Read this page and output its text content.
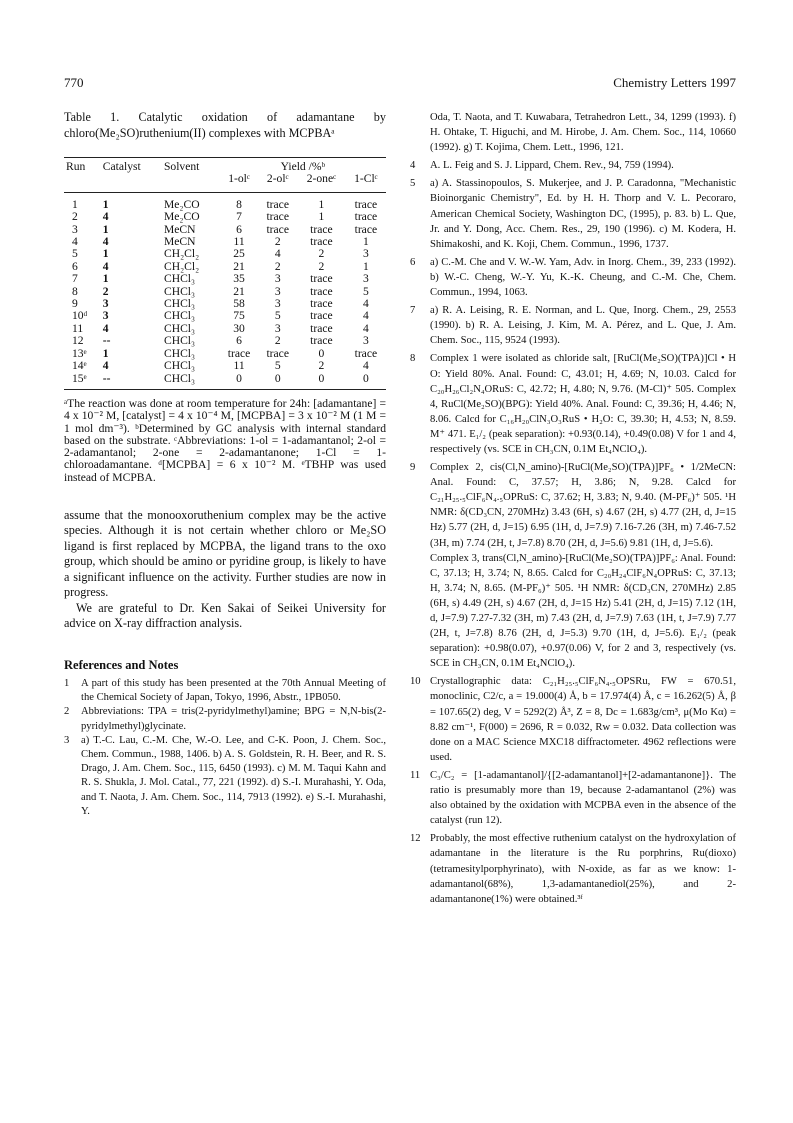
770	Chemistry Letters 1997
Table 1. Catalytic oxidation of adamantane by chloro(Me₂SO)ruthenium(II) complexes with MCPBAᵃ
Run	Catalyst	Solvent	Yield /%ᵇ			
			1-olᶜ	2-olᶜ	2-oneᶜ	1-Clᶜ
1	1	Me₂CO	8	trace	1	trace
2	4	Me₂CO	7	trace	1	trace
3	1	MeCN	6	trace	trace	trace
4	4	MeCN	11	2	trace	1
5	1	CH₂Cl₂	25	4	2	3
6	4	CH₂Cl₂	21	2	2	1
7	1	CHCl₃	35	3	trace	3
8	2	CHCl₃	21	3	trace	5
9	3	CHCl₃	58	3	trace	4
10ᵈ	3	CHCl₃	75	5	trace	4
11	4	CHCl₃	30	3	trace	4
12	--	CHCl₃	6	2	trace	3
13ᵉ	1	CHCl₃	trace	trace	0	trace
14ᵉ	4	CHCl₃	11	5	2	4
15ᵉ	--	CHCl₃	0	0	0	0
ᵃThe reaction was done at room temperature for 24h: [adamantane] = 4 x 10⁻² M, [catalyst] = 4 x 10⁻⁴ M, [MCPBA] = 3 x 10⁻² M (1 M = 1 mol dm⁻³). ᵇDetermined by GC analysis with internal standard based on the substrate. ᶜAbbreviations: 1-ol = 1-adamantanol; 2-ol = 2-adamantanol; 2-one = 2-adamantanone; 1-Cl = 1-chloroadamantane. ᵈ[MCPBA] = 6 x 10⁻² M. ᵉTBHP was used instead of MCPBA.

assume that the monooxoruthenium complex may be the active species. Although it is not certain whether chloro or Me₂SO ligand is first replaced by MCPBA, the ligand trans to the oxo group, which should be amino or pyridine group, is likely to have a significant influence on the activity. Further studies are now in progress.

We are grateful to Dr. Ken Sakai of Seikei University for advice on X-ray diffraction analysis.

References and Notes
1 A part of this study has been presented at the 70th Annual Meeting of the Chemical Society of Japan, Tokyo, 1996, Abstr., 1PB050.
2 Abbreviations: TPA = tris(2-pyridylmethyl)amine; BPG = N,N-bis(2-pyridylmethyl)glycinate.
3 a) T.-C. Lau, C.-M. Che, W.-O. Lee, and C-K. Poon, J. Chem. Soc., Chem. Commun., 1988, 1406. b) A. S. Goldstein, R. H. Beer, and R. S. Drago, J. Am. Chem. Soc., 115, 6450 (1993). c) M. M. Taqui Kahn and R. S. Shukla, J. Mol. Catal., 77, 221 (1992). d) S.-I. Murahashi, Y. Oda, and T. Naota, J. Am. Chem. Soc., 114, 7913 (1992). e) S.-I. Murahashi, Y.
Oda, T. Naota, and T. Kuwabara, Tetrahedron Lett., 34, 1299 (1993). f) H. Ohtake, T. Higuchi, and M. Hirobe, J. Am. Chem. Soc., 114, 10660 (1992). g) T. Kojima, Chem. Lett., 1996, 121.
4 A. L. Feig and S. J. Lippard, Chem. Rev., 94, 759 (1994).
5 a) A. Stassinopoulos, S. Mukerjee, and J. P. Caradonna, "Mechanistic Bioinorganic Chemistry", Ed. by H. H. Thorp and V. L. Pecoraro, American Chemical Society, Washington DC, (1995), p. 83. b) L. Que, Jr. and Y. Dong, Acc. Chem. Res., 29, 190 (1996). c) M. Kodera, H. Shimakoshi, and K. Koji, Chem. Commun., 1996, 1737.
6 a) C.-M. Che and V. W.-W. Yam, Adv. in Inorg. Chem., 39, 233 (1992). b) W.-C. Cheng, W.-Y. Yu, K.-K. Cheung, and C.-M. Che, Chem. Commun., 1994, 1063.
7 a) R. A. Leising, R. E. Norman, and L. Que, Inorg. Chem., 29, 2553 (1990). b) R. A. Leising, J. Kim, M. A. Pérez, and L. Que, J. Am. Chem. Soc., 115, 9524 (1993).
8 Complex 1 were isolated as chloride salt, [RuCl(Me₂SO)(TPA)]Cl • H O: Yield 80%. Anal. Found: C, 43.01; H, 4.69; N, 10.03. Calcd for C₂₀H₂₆Cl₂N₄ORuS: C, 42.72; H, 4.80; N, 9.76. (M-Cl)⁺ 505. Complex 4, RuCl(Me₂SO)(BPG): Yield 40%. Anal. Found: C, 39.36; H, 4.46; N, 8.06. Calcd for C₁₆H₂₀ClN₃O₃RuS • H₂O: C, 39.30; H, 4.53; N, 8.59. M⁺ 471. E₁/₂ (peak separation): +0.93(0.14), +0.49(0.08) V for 1 and 4, respectively (vs. SCE in CH₃CN, 0.1M Et₄NClO₄).
9 Complex 2, cis(Cl,N_amino)-[RuCl(Me₂SO)(TPA)]PF₆ • 1/2MeCN: Anal. Found: C, 37.57; H, 3.86; N, 9.28. Calcd for C₂₁H₂₅.₅ClF₆N₄.₅OPRuS: C, 37.62; H, 3.83; N, 9.40. (M-PF₆)⁺ 505. ¹H NMR: δ(CD₃CN, 270MHz) 3.43 (6H, s) 4.67 (2H, s) 4.77 (2H, d, J=15 Hz) 5.77 (2H, d, J=15) 6.95 (1H, d, J=7.9) 7.16-7.26 (3H, m) 7.46-7.52 (3H, m) 7.74 (2H, t, J=7.8) 8.70 (2H, d, J=5.6) 9.81 (1H, d, J=5.6).
Complex 3, trans(Cl,N_amino)-[RuCl(Me₂SO)(TPA)]PF₆: Anal. Found: C, 37.13; H, 3.74; N, 8.65. Calcd for C₂₀H₂₄ClF₆N₄OPRuS: C, 37.13; H, 3.74; N, 8.65. (M-PF₆)⁺ 505. ¹H NMR: δ(CD₃CN, 270MHz) 2.85 (6H, s) 4.49 (2H, s) 4.67 (2H, d, J=15 Hz) 5.41 (2H, d, J=15) 7.12 (1H, d, J=7.9) 7.27-7.32 (3H, m) 7.43 (2H, d, J=7.9) 7.63 (1H, t, J=7.9) 7.77 (2H, t, J=7.8) 8.76 (2H, d, J=5.3) 9.70 (1H, d, J=5.6). E₁/₂ (peak separation): +0.98(0.07), +0.97(0.06) V, for 2 and 3, respectively (vs. SCE in CH₃CN, 0.1M Et₄NClO₄).
10 Crystallographic data: C₂₁H₂₅.₅ClF₆N₄.₅OPSRu, FW = 670.51, monoclinic, C2/c, a = 19.000(4) Å, b = 17.974(4) Å, c = 16.262(5) Å, β = 107.65(2) deg, V = 5292(2) Å³, Z = 8, Dc = 1.683g/cm³, μ(Mo Kα) = 8.82 cm⁻¹, F(000) = 2696, R = 0.032, Rw = 0.032. Data collection was done on a MAC Science MXC18 diffractometer. 4962 reflections were used.
11 C₃/C₂ = [1-adamantanol]/{[2-adamantanol]+[2-adamantanone]}. The ratio is presumably more than 19, because 2-adamantanol (2%) was also obtained by the oxidation with MCPBA even in the absence of the catalyst (run 12).
12 Probably, the most effective ruthenium catalyst on the hydroxylation of adamantane in the literature is the Ru porphrins, Ru(dioxo)(tetramesitylporphyrinato), with N-oxide, as far as we know: 1-adamantanol(68%), 1,3-adamantanediol(25%), and 2-adamantanone(1%) were obtained.³ᶠ
